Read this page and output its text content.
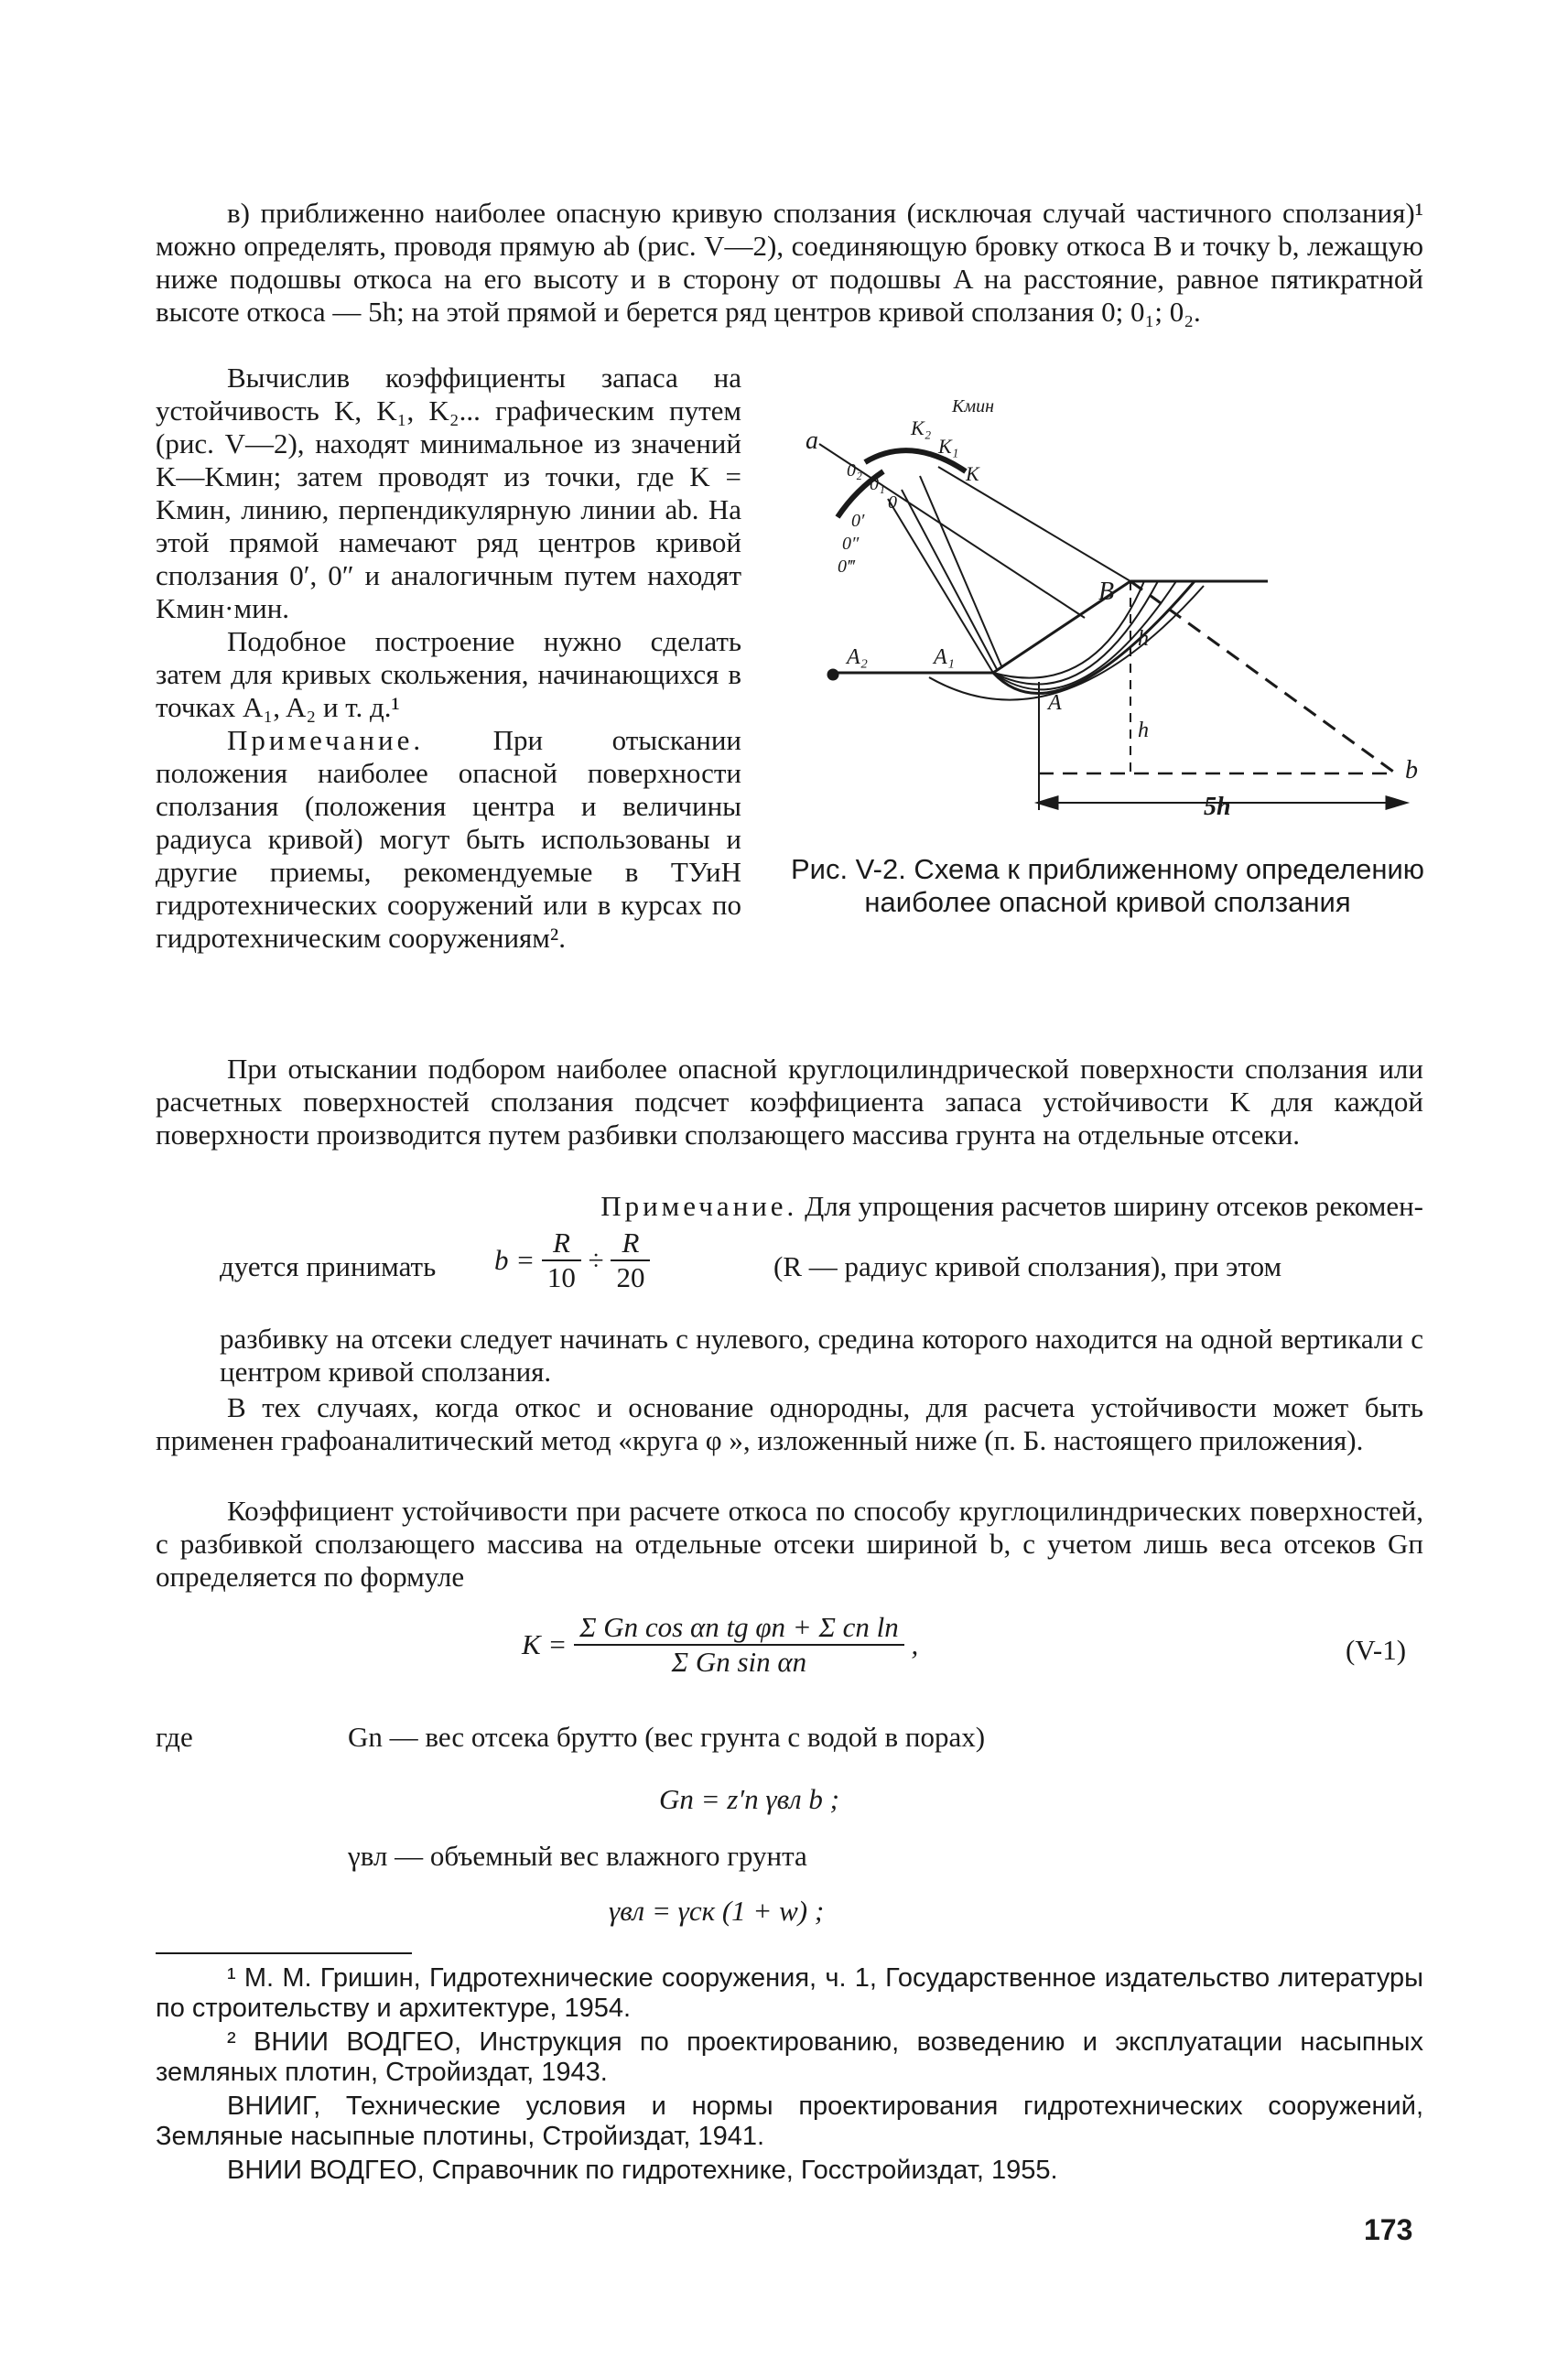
в) приближенно наиболее опасную кривую сползания (исключая случай частичного сползания)¹ можно определять, проводя прямую ab (рис. V—2), соединяющую бровку откоса B и точку b, лежащую ниже подошвы откоса на его высоту и в сторону от подошвы A на расстояние, равное пятикратной высоте откоса — 5h; на этой прямой и берется ряд центров кривой сползания 0; 0₁; 0₂.

Вычислив коэффициенты запаса на устойчивость K, K₁, K₂... графическим путем (рис. V—2), находят минимальное из значений K—Kмин; затем проводят из точки, где K = Kмин, линию, перпендикулярную линии ab. На этой прямой намечают ряд центров кривой сползания 0′, 0″ и аналогичным путем находят Kмин·мин.

Подобное построение нужно сделать затем для кривых скольжения, начинающихся в точках A₁, A₂ и т. д.¹

Примечание. При отыскании положения наиболее опасной поверхности сползания (положения центра и величины радиуса кривой) могут быть использованы и другие приемы, рекомендуемые в ТУиН гидротехнических сооружений или в курсах по гидротехническим сооружениям².

a
b
B
A
A₁
A₂
h
h
5h
K
K₁
K₂
Kмин
0
0₁
0₂
0′
0″
0‴
Рис. V-2. Схема к приближенному определению наиболее опасной кривой сползания

При отыскании подбором наиболее опасной круглоцилиндрической поверхности сползания или расчетных поверхностей сползания подсчет коэффициента запаса устойчивости K для каждой поверхности производится путем разбивки сползающего массива грунта на отдельные отсеки.

Примечание. Для упрощения расчетов ширину отсеков рекомен-
дуется принимать $b = \frac{R}{10} \div \frac{R}{20}$	(R — радиус кривой сползания), при этом

разбивку на отсеки следует начинать с нулевого, средина которого находится на одной вертикали с центром кривой сползания.

В тех случаях, когда откос и основание однородны, для расчета устойчивости может быть применен графоаналитический метод «круга φ », изложенный ниже (п. Б. настоящего приложения).

Коэффициент устойчивости при расчете откоса по способу круглоцилиндрических поверхностей, с разбивкой сползающего массива на отдельные отсеки шириной b, с учетом лишь веса отсеков Gп определяется по формуле

$K = \frac{\text{Σ Gn cos αn tg φn + Σ cn ln}}{\text{Σ Gn sin αn}}$ ,	(V-1)
где	Gn — вес отсека брутто (вес грунта с водой в порах)
Gn = z′n γвл b ;
γвл — объемный вес влажного грунта
γвл = γск (1 + w) ;
¹ М. М. Гришин, Гидротехнические сооружения, ч. 1, Государственное издательство литературы по строительству и архитектуре, 1954.
² ВНИИ ВОДГЕО, Инструкция по проектированию, возведению и эксплуатации насыпных земляных плотин, Стройиздат, 1943.
ВНИИГ, Технические условия и нормы проектирования гидротехнических сооружений, Земляные насыпные плотины, Стройиздат, 1941.
ВНИИ ВОДГЕО, Справочник по гидротехнике, Госстройиздат, 1955.
173
